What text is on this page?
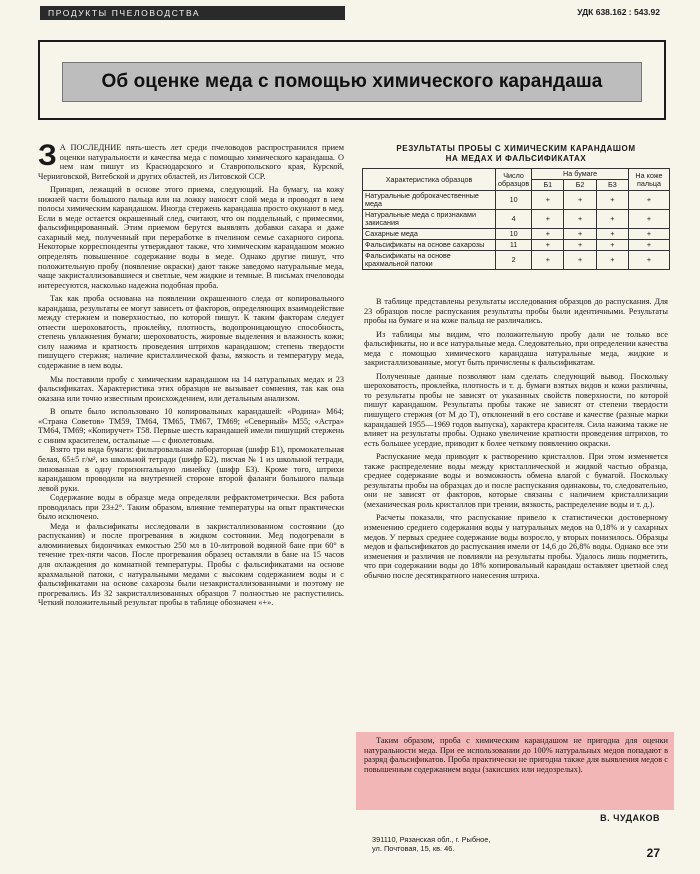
ПРОДУКТЫ ПЧЕЛОВОДСТВА	УДК 638.162 : 543.92
Об оценке меда с помощью химического карандаша

З А ПОСЛЕДНИЕ пять-шесть лет среди пчеловодов распространился прием оценки натуральности и качества меда с помощью химического карандаша. О нем нам пишут из Краснодарского и Ставропольского края, Курской, Черниговской, Витебской и других областей, из Литовской ССР.

Принцип, лежащий в основе этого приема, следующий. На бумагу, на кожу нижней части большого пальца или на ложку наносят слой меда и проводят в нем полосы химическим карандашом. Иногда стержень карандаша просто окунают в мед. Если в меде остается окрашенный след, считают, что он поддельный, с примесями, фальсифицированный. Этим приемом берутся выявлять добавки сахара и даже сахарный мед, полученный при переработке в пчелином семье сахарного сиропа. Некоторые корреспонденты утверждают также, что химическим карандашом можно определять повышенное содержание воды в меде. Однако другие пишут, что положительную пробу (появление окраски) дают также заведомо натуральные меда, чаще закристаллизовавшиеся и светлые, чем жидкие и темные. В письмах пчеловоды интересуются, насколько надежна подобная проба.

Так как проба основана на появлении окрашенного следа от копировального карандаша, результаты ее могут зависеть от факторов, определяющих взаимодействие между стержнем и поверхностью, по которой пишут. К таким факторам следует отнести шероховатость, проклейку, плотность, водопроницающую способность, степень увлажнения бумаги; шероховатость, жировые выделения и влажность кожи; силу нажима и кратность проведения штрихов карандашом; степень твердости пишущего стержня; наличие кристаллической фазы, вязкость и температуру меда, содержание в нем воды.

Мы поставили пробу с химическим карандашом на 14 натуральных медах и 23 фальсификатах. Характеристика этих образцов не вызывает сомнения, так как она оказана или точно известным происхождением, или детальным анализом.

В опыте было использовано 10 копировальных карандашей: «Родина» М64; «Страна Советов» ТМ59, ТМ64, ТМ65, ТМ67, ТМ69; «Северный» М55; «Астра» ТМ64, ТМ69; «Копиручет» Т58. Первые шесть карандашей имели пишущий стержень с синим красителем, остальные — с фиолетовым.

Взято три вида бумаги: фильтровальная лабораторная (шифр Б1), промокательная белая, 65±5 г/м², из школьной тетради (шифр Б2), писчая № 1 из школьной тетради, линованная в одну горизонтальную линейку (шифр Б3). Кроме того, штрихи карандашом проводили на внутренней стороне второй фаланги большого пальца левой руки.

Содержание воды в образце меда определяли рефрактометрически. Вся работа проводилась при 23±2°. Таким образом, влияние температуры на опыт практически было исключено.

Меда и фальсификаты исследовали в закристаллизованном состоянии (до распускания) и после прогревания в жидком состоянии. Мед подогревали в алюминиевых бидончиках емкостью 250 мл в 10-литровой водяной бане при 60° в течение трех-пяти часов. После прогревания образец оставляли в бане на 15 часов для охлаждения до комнатной температуры. Пробы с фальсификатами на основе крахмальной патоки, с натуральными медами с высоким содержанием воды и с фальсификатами на основе сахарозы были незакристаллизованными и поэтому не прогревались. Из 32 закристаллизованных образцов 7 полностью не распустились. Четкий положительный результат пробы в таблице обозначен «+».

РЕЗУЛЬТАТЫ ПРОБЫ С ХИМИЧЕСКИМ КАРАНДАШОМ
НА МЕДАХ И ФАЛЬСИФИКАТАХ
Характеристика образцов	Число образцов	На бумаге			На коже пальца
		Б1	Б2	Б3	
Натуральные доброкачественные меда	10	+	+	+	+
Натуральные меда с признаками закисания	4	+	+	+	+
Сахарные меда	10	+	+	+	+
Фальсификаты на основе сахарозы	11	+	+	+	+
Фальсификаты на основе крахмальной патоки	2	+	+	+	+

В таблице представлены результаты исследования образцов до распускания. Для 23 образцов после распускания результаты пробы были идентичными. Результаты пробы на бумаге и на коже пальца не различались.

Из таблицы мы видим, что положительную пробу дали не только все фальсификаты, но и все натуральные меда. Следовательно, при определении качества меда с помощью химического карандаша натуральные меда, жидкие и закристаллизованные, могут быть причислены к фальсификатам.

Полученные данные позволяют нам сделать следующий вывод. Поскольку шероховатость, проклейка, плотность и т. д. бумаги взятых видов и кожи различны, то результаты пробы не зависят от указанных свойств поверхности, по которой пишут карандашом. Результаты пробы также не зависят от степени твердости пишущего стержня (от М до Т), отклонений в его составе и качестве (разные марки карандашей 1955—1969 годов выпуска), характера красителя. Сила нажима также не влияет на результаты пробы. Однако увеличение кратности проведения штрихов, то есть большее усердие, приводит к более четкому появлению окраски.

Распускание меда приводит к растворению кристаллов. При этом изменяется также распределение воды между кристаллической и жидкой частью образца, среднее содержание воды и возможность обмена влагой с бумагой. Поскольку результаты пробы на образцах до и после распускания одинаковы, то, следовательно, они не зависят от факторов, которые связаны с наличием кристаллизации (механическая роль кристаллов при трении, вязкость, распределение воды и т. д.).

Расчеты показали, что распускание привело к статистически достоверному изменению среднего содержания воды у натуральных медов на 0,18% и у сахарных медов. У первых среднее содержание воды возросло, у вторых понизилось. Образцы медов и фальсификатов до распускания имели от 14,6 до 26,8% воды. Однако все эти изменения и различия не повлияли на результаты пробы. Удалось лишь подметить, что при содержании воды до 18% копировальный карандаш оставляет цветной след обычно после десятикратного нанесения штриха.

Таким образом, проба с химическим карандашом не пригодна для оценки натуральности меда. При ее использовании до 100% натуральных медов попадают в разряд фальсификатов. Проба практически не пригодна также для выявления медов с повышенным содержанием воды (закисших или недозрелых).

В. ЧУДАКОВ
391110, Рязанская обл., г. Рыбное,
ул. Почтовая, 15, кв. 46.	27
